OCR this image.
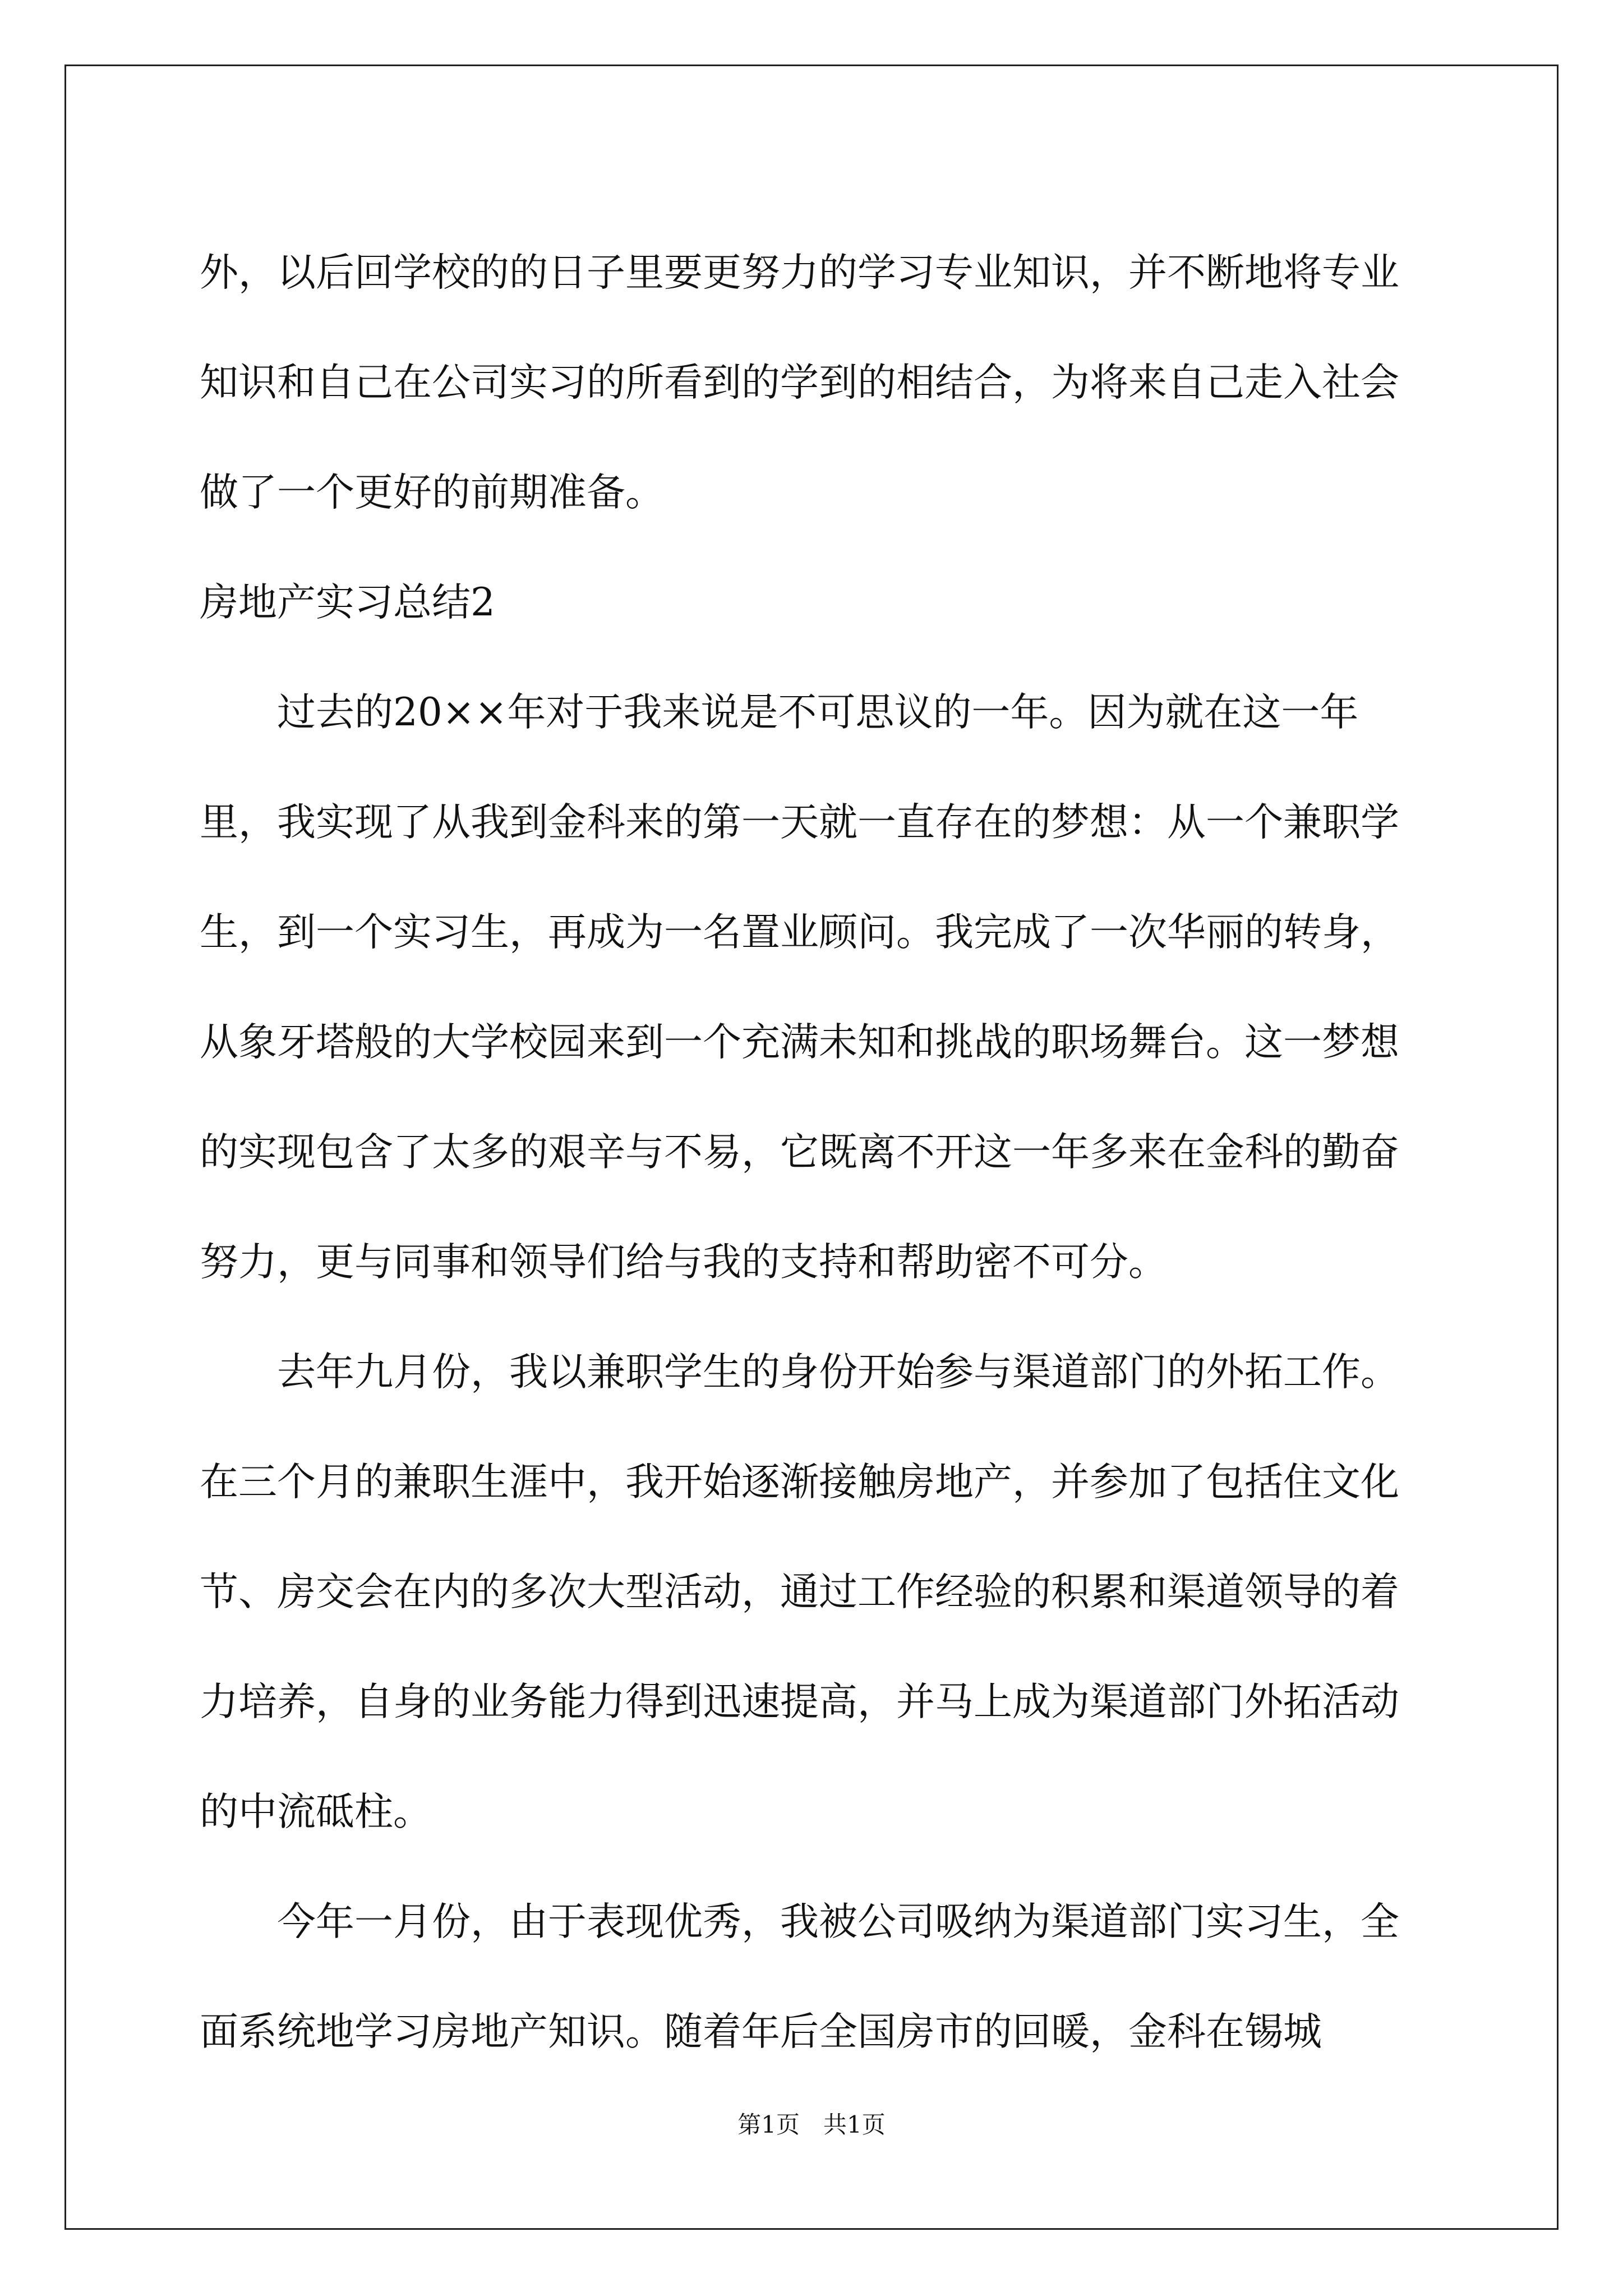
外，以后回学校的的日子里要更努力的学习专业知识，并不断地将专业知识和自己在公司实习的所看到的学到的相结合，为将来自己走入社会做了一个更好的前期准备。

房地产实习总结2

过去的20××年对于我来说是不可思议的一年。因为就在这一年里，我实现了从我到金科来的第一天就一直存在的梦想：从一个兼职学生，到一个实习生，再成为一名置业顾问。我完成了一次华丽的转身，从象牙塔般的大学校园来到一个充满未知和挑战的职场舞台。这一梦想的实现包含了太多的艰辛与不易，它既离不开这一年多来在金科的勤奋努力，更与同事和领导们给与我的支持和帮助密不可分。

去年九月份，我以兼职学生的身份开始参与渠道部门的外拓工作。在三个月的兼职生涯中，我开始逐渐接触房地产，并参加了包括住文化节、房交会在内的多次大型活动，通过工作经验的积累和渠道领导的着力培养，自身的业务能力得到迅速提高，并马上成为渠道部门外拓活动的中流砥柱。

今年一月份，由于表现优秀，我被公司吸纳为渠道部门实习生，全面系统地学习房地产知识。随着年后全国房市的回暖，金科在锡城

第1页　共1页
